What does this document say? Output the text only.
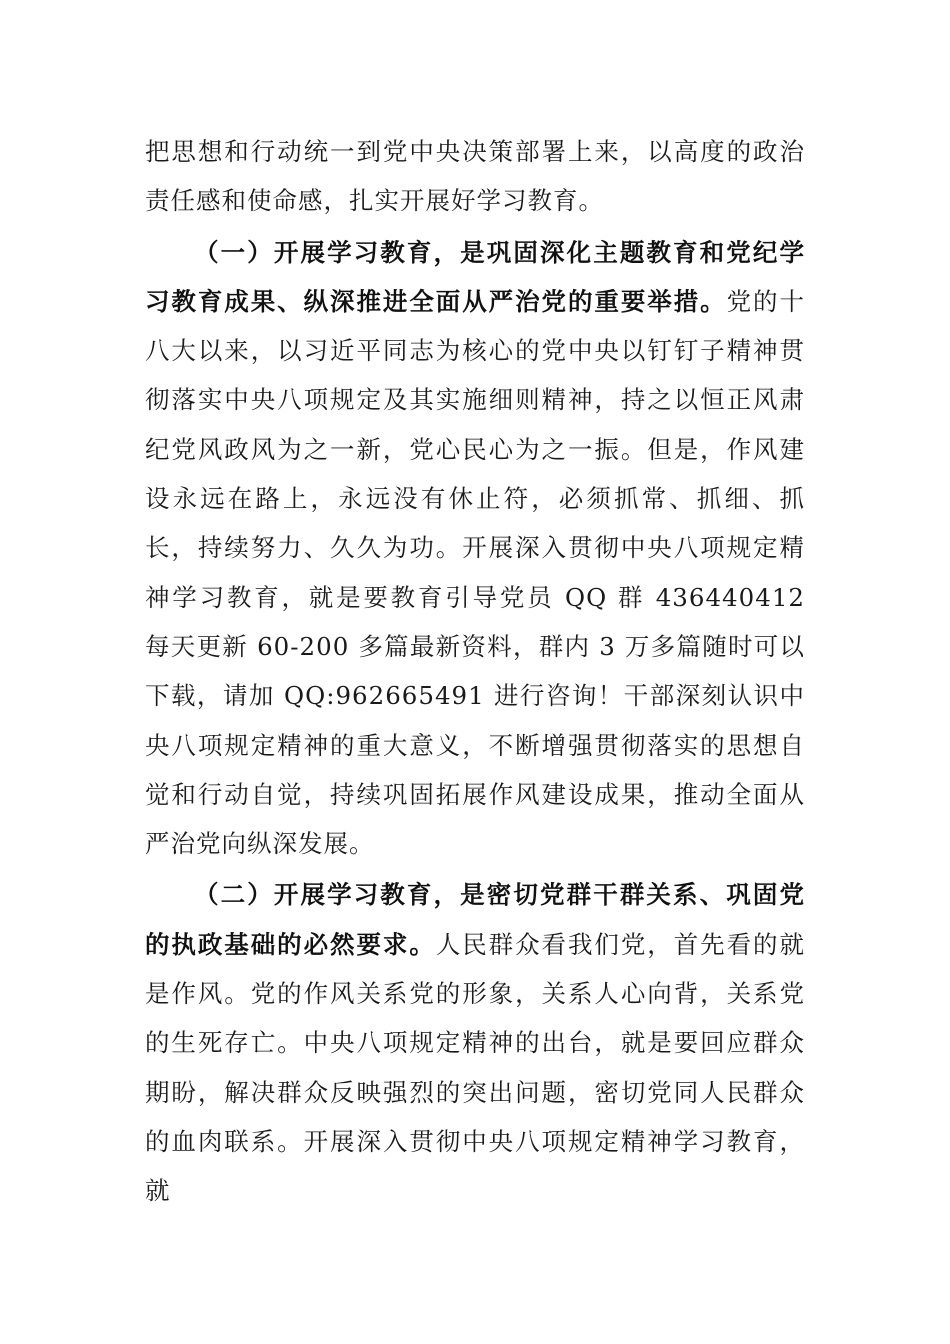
把思想和行动统一到党中央决策部署上来，以高度的政治责任感和使命感，扎实开展好学习教育。

（一）开展学习教育，是巩固深化主题教育和党纪学习教育成果、纵深推进全面从严治党的重要举措。党的十八大以来，以习近平同志为核心的党中央以钉钉子精神贯彻落实中央八项规定及其实施细则精神，持之以恒正风肃纪党风政风为之一新，党心民心为之一振。但是，作风建设永远在路上，永远没有休止符，必须抓常、抓细、抓长，持续努力、久久为功。开展深入贯彻中央八项规定精神学习教育，就是要教育引导党员 QQ 群 436440412 每天更新 60-200 多篇最新资料，群内 3 万多篇随时可以下载，请加 QQ:962665491 进行咨询！干部深刻认识中央八项规定精神的重大意义，不断增强贯彻落实的思想自觉和行动自觉，持续巩固拓展作风建设成果，推动全面从严治党向纵深发展。

（二）开展学习教育，是密切党群干群关系、巩固党的执政基础的必然要求。人民群众看我们党，首先看的就是作风。党的作风关系党的形象，关系人心向背，关系党的生死存亡。中央八项规定精神的出台，就是要回应群众期盼，解决群众反映强烈的突出问题，密切党同人民群众的血肉联系。开展深入贯彻中央八项规定精神学习教育，就
